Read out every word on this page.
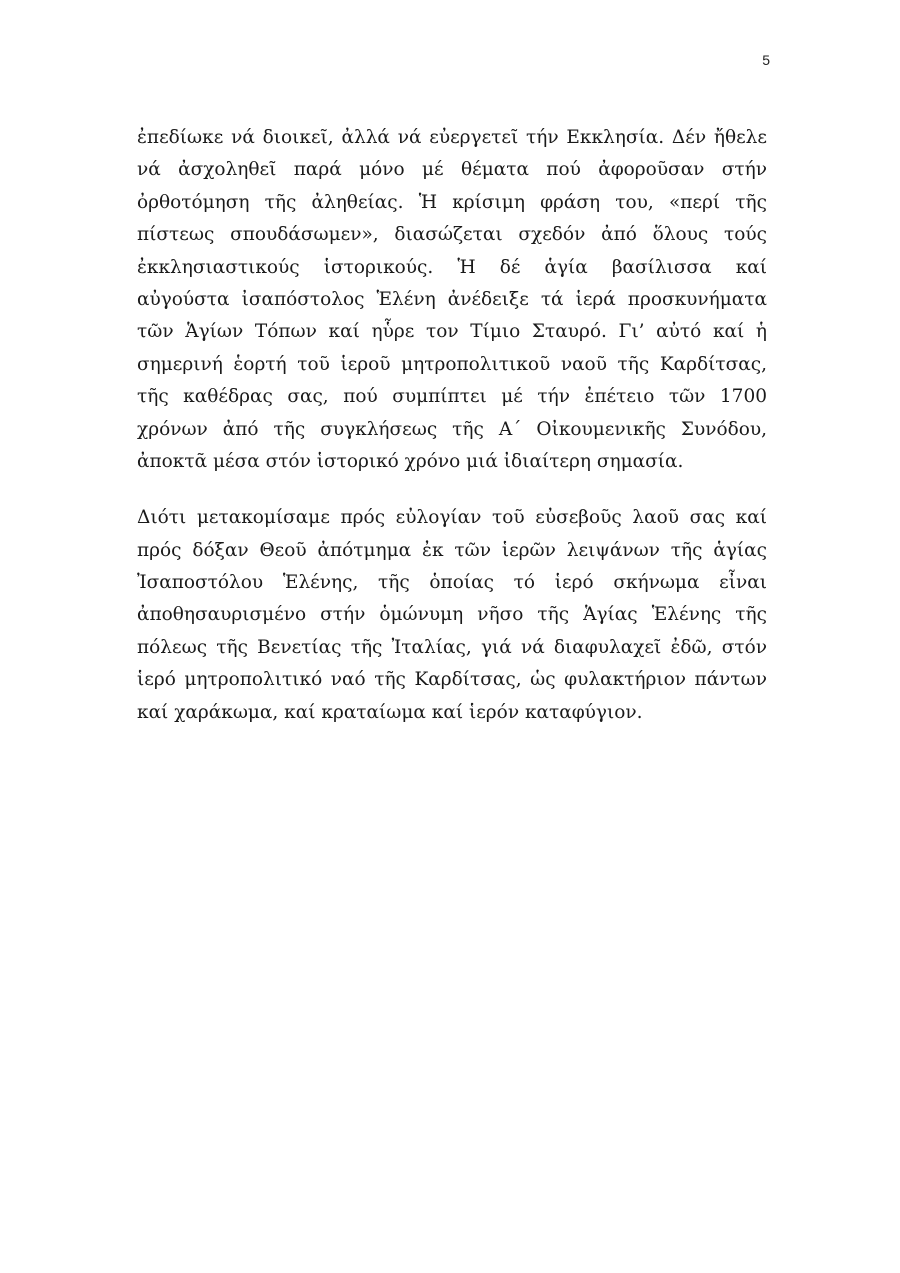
5
ἐπεδίωκε νά διοικεῖ, ἀλλά νά εὐεργετεῖ τήν Εκκλησία. Δέν ἤθελε
νά ἀσχοληθεῖ παρά μόνο μέ θέματα πού ἀφοροῦσαν στήν
ὀρθοτόμηση τῆς ἀληθείας. Ἡ κρίσιμη φράση του, «περί τῆς
πίστεως σπουδάσωμεν», διασώζεται σχεδόν ἀπό ὅλους τούς
ἐκκλησιαστικούς ἱστορικούς. Ἡ δέ ἁγία βασίλισσα καί
αὐγούστα ἰσαπόστολος Ἑλένη ἀνέδειξε τά ἱερά προσκυνήματα
τῶν Ἁγίων Τόπων καί ηὗρε τον Τίμιο Σταυρό. Γι’ αὐτό καί ἡ
σημερινή ἑορτή τοῦ ἱεροῦ μητροπολιτικοῦ ναοῦ τῆς Καρδίτσας,
τῆς καθέδρας σας, πού συμπίπτει μέ τήν ἐπέτειο τῶν 1700
χρόνων ἀπό τῆς συγκλήσεως τῆς Α΄ Οἰκουμενικῆς Συνόδου,
ἀποκτᾶ μέσα στόν ἱστορικό χρόνο μιά ἰδιαίτερη σημασία.
Διότι μετακομίσαμε πρός εὐλογίαν τοῦ εὐσεβοῦς λαοῦ σας καί
πρός δόξαν Θεοῦ ἀπότμημα ἐκ τῶν ἱερῶν λειψάνων τῆς ἁγίας
Ἰσαποστόλου Ἑλένης, τῆς ὁποίας τό ἱερό σκήνωμα εἶναι
ἀποθησαυρισμένο στήν ὁμώνυμη νῆσο τῆς Ἁγίας Ἑλένης τῆς
πόλεως τῆς Βενετίας τῆς Ἰταλίας, γιά νά διαφυλαχεῖ ἐδῶ, στόν
ἱερό μητροπολιτικό ναό τῆς Καρδίτσας, ὡς φυλακτήριον πάντων
καί χαράκωμα, καί κραταίωμα καί ἱερόν καταφύγιον.
